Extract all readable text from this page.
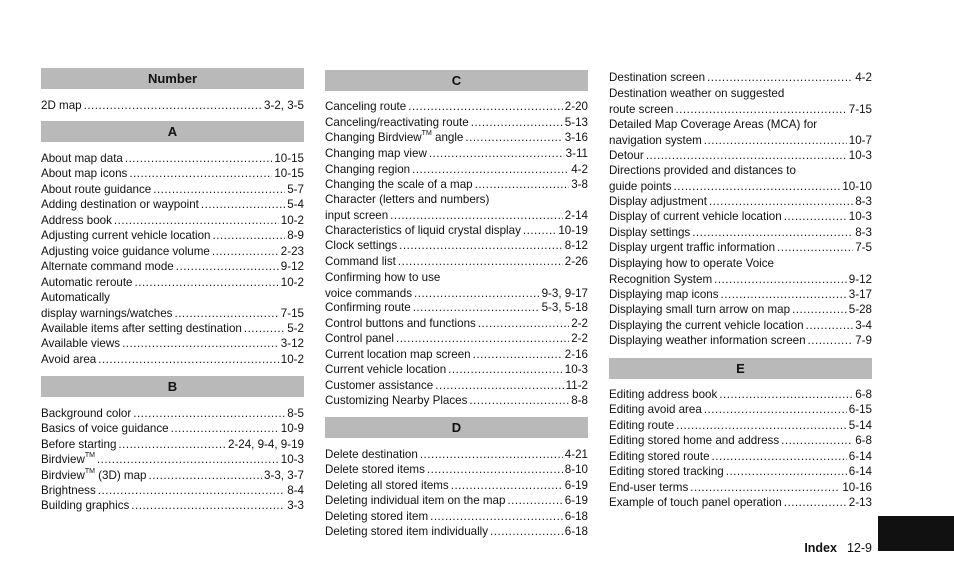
Number
2D map .....	3-2, 3-5
A
About map data .....	10-15
About map icons .....	10-15
About route guidance .....	5-7
Adding destination or waypoint .....	5-4
Address book .....	10-2
Adjusting current vehicle location .....	8-9
Adjusting voice guidance volume .....	2-23
Alternate command mode .....	9-12
Automatic reroute .....	10-2
Automatically
display warnings/watches .....	7-15
Available items after setting destination .....	5-2
Available views .....	3-12
Avoid area .....	10-2
B
Background color .....	8-5
Basics of voice guidance .....	10-9
Before starting .....	2-24, 9-4, 9-19
Birdview™ .....	10-3
Birdview™ (3D) map .....	3-3, 3-7
Brightness .....	8-4
Building graphics .....	3-3
C
Canceling route .....	2-20
Canceling/reactivating route .....	5-13
Changing Birdview™ angle .....	3-16
Changing map view .....	3-11
Changing region .....	4-2
Changing the scale of a map .....	3-8
Character (letters and numbers)
input screen .....	2-14
Characteristics of liquid crystal display .....	10-19
Clock settings .....	8-12
Command list .....	2-26
Confirming how to use
voice commands .....	9-3, 9-17
Confirming route .....	5-3, 5-18
Control buttons and functions .....	2-2
Control panel .....	2-2
Current location map screen .....	2-16
Current vehicle location .....	10-3
Customer assistance .....	11-2
Customizing Nearby Places .....	8-8
D
Delete destination .....	4-21
Delete stored items .....	8-10
Deleting all stored items .....	6-19
Deleting individual item on the map .....	6-19
Deleting stored item .....	6-18
Deleting stored item individually .....	6-18
Destination screen .....	4-2
Destination weather on suggested
route screen .....	7-15
Detailed Map Coverage Areas (MCA) for
navigation system .....	10-7
Detour .....	10-3
Directions provided and distances to
guide points .....	10-10
Display adjustment .....	8-3
Display of current vehicle location .....	10-3
Display settings .....	8-3
Display urgent traffic information .....	7-5
Displaying how to operate Voice
Recognition System .....	9-12
Displaying map icons .....	3-17
Displaying small turn arrow on map .....	5-28
Displaying the current vehicle location .....	3-4
Displaying weather information screen .....	7-9
E
Editing address book .....	6-8
Editing avoid area .....	6-15
Editing route .....	5-14
Editing stored home and address .....	6-8
Editing stored route .....	6-14
Editing stored tracking .....	6-14
End-user terms .....	10-16
Example of touch panel operation .....	2-13
Index 12-9
